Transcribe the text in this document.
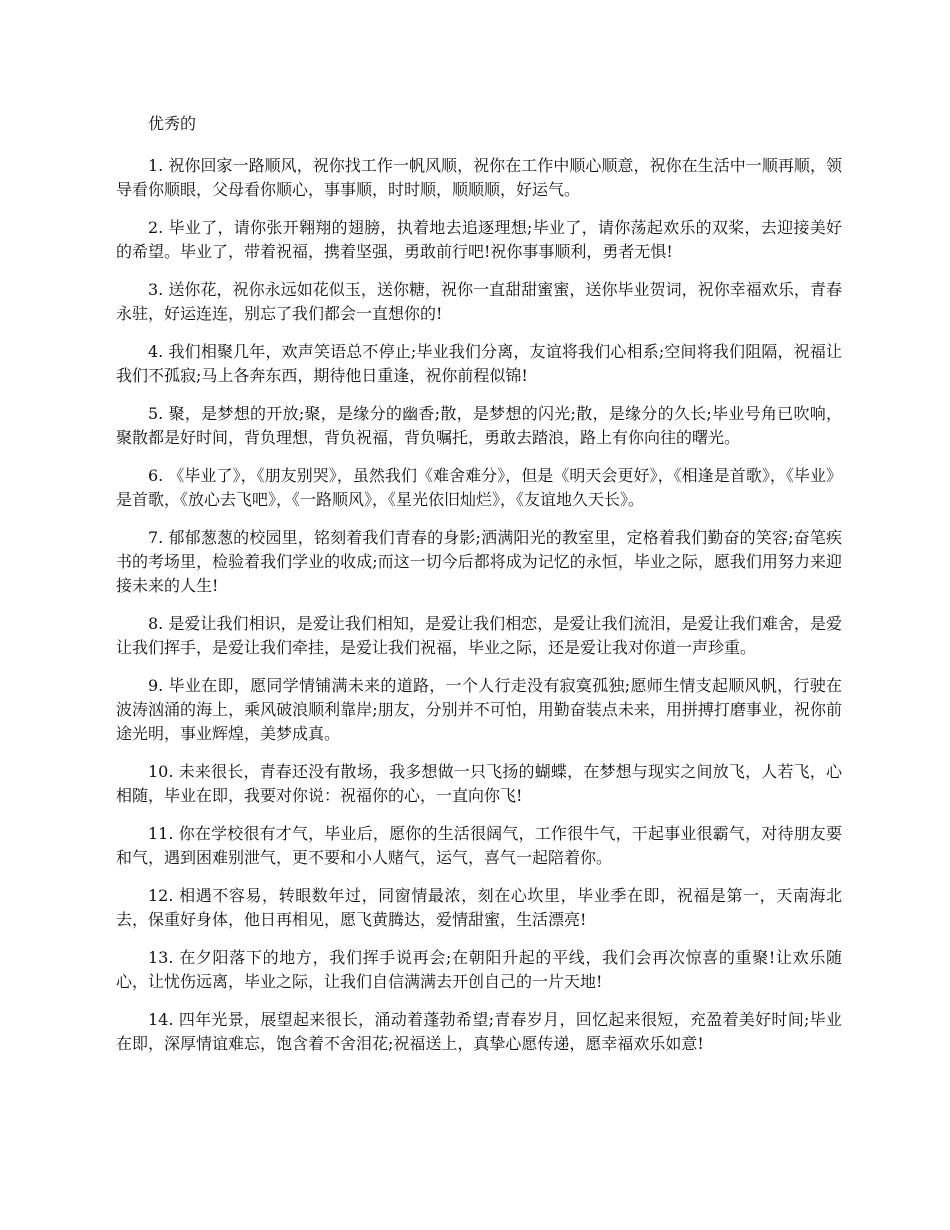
优秀的

1. 祝你回家一路顺风，祝你找工作一帆风顺，祝你在工作中顺心顺意，祝你在生活中一顺再顺，领导看你顺眼，父母看你顺心，事事顺，时时顺，顺顺顺，好运气。

2. 毕业了，请你张开翱翔的翅膀，执着地去追逐理想;毕业了，请你荡起欢乐的双桨，去迎接美好的希望。毕业了，带着祝福，携着坚强，勇敢前行吧!祝你事事顺利，勇者无惧!

3. 送你花，祝你永远如花似玉，送你糖，祝你一直甜甜蜜蜜，送你毕业贺词，祝你幸福欢乐，青春永驻，好运连连，别忘了我们都会一直想你的!

4. 我们相聚几年，欢声笑语总不停止;毕业我们分离，友谊将我们心相系;空间将我们阻隔，祝福让我们不孤寂;马上各奔东西，期待他日重逢，祝你前程似锦!

5. 聚，是梦想的开放;聚，是缘分的幽香;散，是梦想的闪光;散，是缘分的久长;毕业号角已吹响，聚散都是好时间，背负理想，背负祝福，背负嘱托，勇敢去踏浪，路上有你向往的曙光。

6. 《毕业了》，《朋友别哭》，虽然我们《难舍难分》，但是《明天会更好》，《相逢是首歌》，《毕业》是首歌，《放心去飞吧》，《一路顺风》，《星光依旧灿烂》，《友谊地久天长》。

7. 郁郁葱葱的校园里，铭刻着我们青春的身影;洒满阳光的教室里，定格着我们勤奋的笑容;奋笔疾书的考场里，检验着我们学业的收成;而这一切今后都将成为记忆的永恒，毕业之际，愿我们用努力来迎接未来的人生!

8. 是爱让我们相识，是爱让我们相知，是爱让我们相恋，是爱让我们流泪，是爱让我们难舍，是爱让我们挥手，是爱让我们牵挂，是爱让我们祝福，毕业之际，还是爱让我对你道一声珍重。

9. 毕业在即，愿同学情铺满未来的道路，一个人行走没有寂寞孤独;愿师生情支起顺风帆，行驶在波涛汹涌的海上，乘风破浪顺利靠岸;朋友，分别并不可怕，用勤奋装点未来，用拼搏打磨事业，祝你前途光明，事业辉煌，美梦成真。

10. 未来很长，青春还没有散场，我多想做一只飞扬的蝴蝶，在梦想与现实之间放飞，人若飞，心相随，毕业在即，我要对你说：祝福你的心，一直向你飞!

11. 你在学校很有才气，毕业后，愿你的生活很阔气，工作很牛气，干起事业很霸气，对待朋友要和气，遇到困难别泄气，更不要和小人赌气，运气，喜气一起陪着你。

12. 相遇不容易，转眼数年过，同窗情最浓，刻在心坎里，毕业季在即，祝福是第一，天南海北去，保重好身体，他日再相见，愿飞黄腾达，爱情甜蜜，生活漂亮!

13. 在夕阳落下的地方，我们挥手说再会;在朝阳升起的平线，我们会再次惊喜的重聚!让欢乐随心，让忧伤远离，毕业之际，让我们自信满满去开创自己的一片天地!

14. 四年光景，展望起来很长，涌动着蓬勃希望;青春岁月，回忆起来很短，充盈着美好时间;毕业在即，深厚情谊难忘，饱含着不舍泪花;祝福送上，真挚心愿传递，愿幸福欢乐如意!
